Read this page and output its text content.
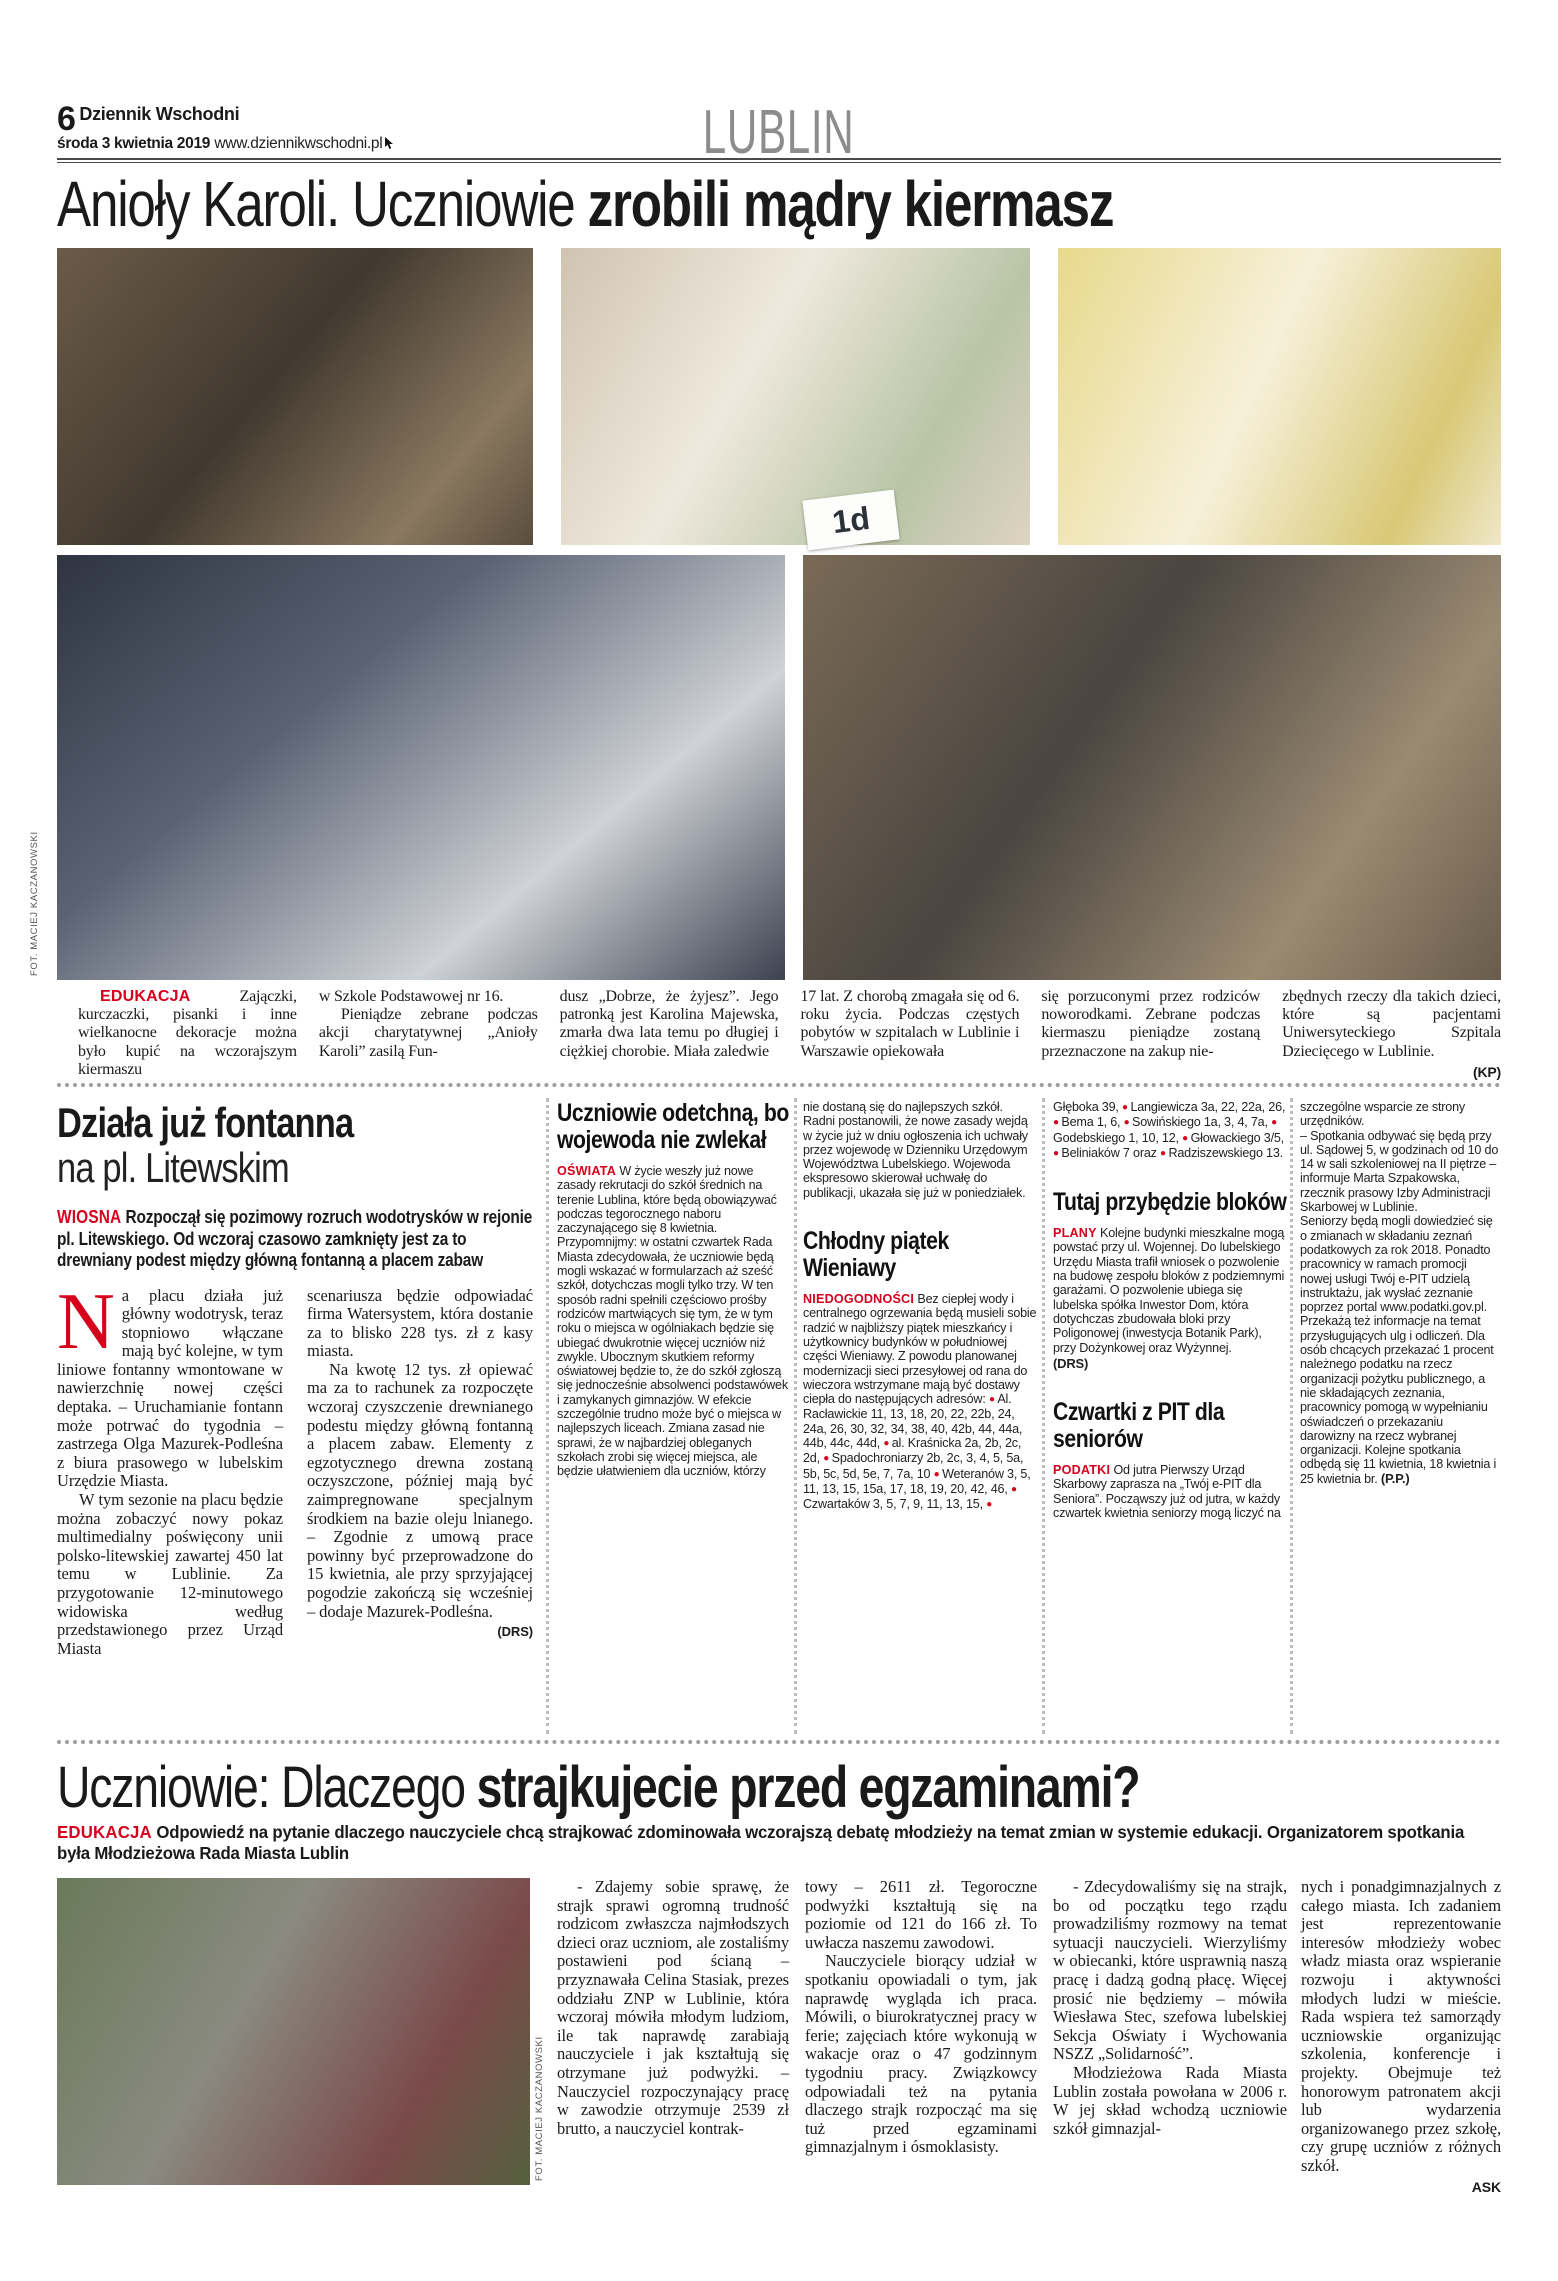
6 Dziennik Wschodni
środa 3 kwietnia 2019 www.dziennikwschodni.pl	LUBLIN
Anioły Karoli. Uczniowie zrobili mądry kiermasz
FOT. MACIEJ KACZANOWSKI
1d

EDUKACJA	Zajączki, kurczaczki, pisanki i inne wielkanocne dekoracje można było kupić na wczorajszym kiermaszu

w Szkole Podstawowej nr 16.

Pieniądze zebrane podczas akcji charytatywnej „Anioły Karoli” zasilą Fun-

dusz „Dobrze, że żyjesz”. Jego patronką jest Karolina Majewska, zmarła dwa lata temu po długiej i ciężkiej chorobie. Miała zaledwie

17 lat. Z chorobą zmagała się od 6. roku życia. Podczas częstych pobytów w szpitalach w Lublinie i Warszawie opiekowała

się porzuconymi przez rodziców noworodkami. Zebrane podczas kiermaszu pieniądze zostaną przeznaczone na zakup nie-

zbędnych rzeczy dla takich dzieci, które są pacjentami Uniwersyteckiego Szpitala Dziecięcego w Lublinie.

(KP)
Działa już fontanna
na pl. Litewskim
WIOSNA Rozpoczął się pozimowy rozruch wodotrysków w rejonie pl. Litewskiego. Od wczoraj czasowo zamknięty jest za to drewniany podest między główną fontanną a placem zabaw

Na placu działa już główny wodotrysk, teraz stopniowo włączane mają być kolejne, w tym liniowe fontanny wmontowane w nawierzchnię nowej części deptaka. – Uruchamianie fontann może potrwać do tygodnia – zastrzega Olga Mazurek-Podleśna z biura prasowego w lubelskim Urzędzie Miasta.

W tym sezonie na placu będzie można zobaczyć nowy pokaz multimedialny poświęcony unii polsko-litewskiej zawartej 450 lat temu w Lublinie. Za przygotowanie 12-minutowego widowiska według przedstawionego przez Urząd Miasta

scenariusza będzie odpowiadać firma Watersystem, która dostanie za to blisko 228 tys. zł z kasy miasta.

Na kwotę 12 tys. zł opiewać ma za to rachunek za rozpoczęte wczoraj czyszczenie drewnianego podestu między główną fontanną a placem zabaw. Elementy z egzotycznego drewna zostaną oczyszczone, później mają być zaimpregnowane specjalnym środkiem na bazie oleju lnianego. – Zgodnie z umową prace powinny być przeprowadzone do 15 kwietnia, ale przy sprzyjającej pogodzie zakończą się wcześniej – dodaje Mazurek-Podleśna.

(DRS)
Uczniowie odetchną, bo wojewoda nie zwlekał

OŚWIATA W życie weszły już nowe zasady rekrutacji do szkół średnich na terenie Lublina, które będą obowiązywać podczas tegorocznego naboru zaczynającego się 8 kwietnia. Przypomnijmy: w ostatni czwartek Rada Miasta zdecydowała, że uczniowie będą mogli wskazać w formularzach aż sześć szkół, dotychczas mogli tylko trzy. W ten sposób radni spełnili częściowo prośby rodziców martwiących się tym, że w tym roku o miejsca w ogólniakach będzie się ubiegać dwukrotnie więcej uczniów niż zwykle. Ubocznym skutkiem reformy oświatowej będzie to, że do szkół zgłoszą się jednocześnie absolwenci podstawówek i zamykanych gimnazjów. W efekcie szczególnie trudno może być o miejsca w najlepszych liceach. Zmiana zasad nie sprawi, że w najbardziej obleganych szkołach zrobi się więcej miejsca, ale będzie ułatwieniem dla uczniów, którzy

nie dostaną się do najlepszych szkół.

Radni postanowili, że nowe zasady wejdą w życie już w dniu ogłoszenia ich uchwały przez wojewodę w Dzienniku Urzędowym Województwa Lubelskiego. Wojewoda ekspresowo skierował uchwałę do publikacji, ukazała się już w poniedziałek.

Chłodny piątek Wieniawy

NIEDOGODNOŚCI Bez ciepłej wody i centralnego ogrzewania będą musieli sobie radzić w najbliższy piątek mieszkańcy i użytkownicy budynków w południowej części Wieniawy. Z powodu planowanej modernizacji sieci przesyłowej od rana do wieczora wstrzymane mają być dostawy ciepła do następujących adresów: ● Al. Racławickie 11, 13, 18, 20, 22, 22b, 24, 24a, 26, 30, 32, 34, 38, 40, 42b, 44, 44a, 44b, 44c, 44d, ● al. Kraśnicka 2a, 2b, 2c, 2d, ● Spadochroniarzy 2b, 2c, 3, 4, 5, 5a, 5b, 5c, 5d, 5e, 7, 7a, 10 ● Weteranów 3, 5, 11, 13, 15, 15a, 17, 18, 19, 20, 42, 46, ● Czwartaków 3, 5, 7, 9, 11, 13, 15, ●

Głęboka 39, ● Langiewicza 3a, 22, 22a, 26, ● Bema 1, 6, ● Sowińskiego 1a, 3, 4, 7a, ● Godebskiego 1, 10, 12, ● Głowackiego 3/5, ● Beliniaków 7 oraz ● Radziszewskiego 13.

Tutaj przybędzie bloków

PLANY Kolejne budynki mieszkalne mogą powstać przy ul. Wojennej. Do lubelskiego Urzędu Miasta trafił wniosek o pozwolenie na budowę zespołu bloków z podziemnymi garażami. O pozwolenie ubiega się lubelska spółka Inwestor Dom, która dotychczas zbudowała bloki przy Poligonowej (inwestycja Botanik Park), przy Dożynkowej oraz Wyżynnej.
(DRS)

Czwartki z PIT dla seniorów

PODATKI Od jutra Pierwszy Urząd Skarbowy zaprasza na „Twój e-PIT dla Seniora”. Począwszy już od jutra, w każdy czwartek kwietnia seniorzy mogą liczyć na

szczególne wsparcie ze strony urzędników.

– Spotkania odbywać się będą przy ul. Sądowej 5, w godzinach od 10 do 14 w sali szkoleniowej na II piętrze – informuje Marta Szpakowska, rzecznik prasowy Izby Administracji Skarbowej w Lublinie.

Seniorzy będą mogli dowiedzieć się o zmianach w składaniu zeznań podatkowych za rok 2018. Ponadto pracownicy w ramach promocji nowej usługi Twój e-PIT udzielą instruktażu, jak wysłać zeznanie poprzez portal www.podatki.gov.pl. Przekażą też informacje na temat przysługujących ulg i odliczeń. Dla osób chcących przekazać 1 procent należnego podatku na rzecz organizacji pożytku publicznego, a nie składających zeznania, pracownicy pomogą w wypełnianiu oświadczeń o przekazaniu darowizny na rzecz wybranej organizacji. Kolejne spotkania odbędą się 11 kwietnia, 18 kwietnia i 25 kwietnia br. (P.P.)

Uczniowie: Dlaczego strajkujecie przed egzaminami?
EDUKACJA Odpowiedź na pytanie dlaczego nauczyciele chcą strajkować zdominowała wczorajszą debatę młodzieży na temat zmian w systemie edukacji. Organizatorem spotkania była Młodzieżowa Rada Miasta Lublin
FOT. MACIEJ KACZANOWSKI

- Zdajemy sobie sprawę, że strajk sprawi ogromną trudność rodzicom zwłaszcza najmłodszych dzieci oraz uczniom, ale zostaliśmy postawieni pod ścianą – przyznawała Celina Stasiak, prezes oddziału ZNP w Lublinie, która wczoraj mówiła młodym ludziom, ile tak naprawdę zarabiają nauczyciele i jak kształtują się otrzymane już podwyżki. – Nauczyciel rozpoczynający pracę w zawodzie otrzymuje 2539 zł brutto, a nauczyciel kontrak-

towy – 2611 zł. Tegoroczne podwyżki kształtują się na poziomie od 121 do 166 zł. To uwłacza naszemu zawodowi.

Nauczyciele biorący udział w spotkaniu opowiadali o tym, jak naprawdę wygląda ich praca. Mówili, o biurokratycznej pracy w ferie; zajęciach które wykonują w wakacje oraz o 47 godzinnym tygodniu pracy. Związkowcy odpowiadali też na pytania dlaczego strajk rozpocząć ma się tuż przed egzaminami gimnazjalnym i ósmoklasisty.

- Zdecydowaliśmy się na strajk, bo od początku tego rządu prowadziliśmy rozmowy na temat sytuacji nauczycieli. Wierzyliśmy w obiecanki, które usprawnią naszą pracę i dadzą godną płacę. Więcej prosić nie będziemy – mówiła Wiesława Stec, szefowa lubelskiej Sekcja Oświaty i Wychowania NSZZ „Solidarność”.

Młodzieżowa Rada Miasta Lublin została powołana w 2006 r. W jej skład wchodzą uczniowie szkół gimnazjal-

nych i ponadgimnazjalnych z całego miasta. Ich zadaniem jest reprezentowanie interesów młodzieży wobec władz miasta oraz wspieranie rozwoju i aktywności młodych ludzi w mieście. Rada wspiera też samorządy uczniowskie organizując szkolenia, konferencje i projekty. Obejmuje też honorowym patronatem akcji lub wydarzenia organizowanego przez szkołę, czy grupę uczniów z różnych szkół.

ASK
